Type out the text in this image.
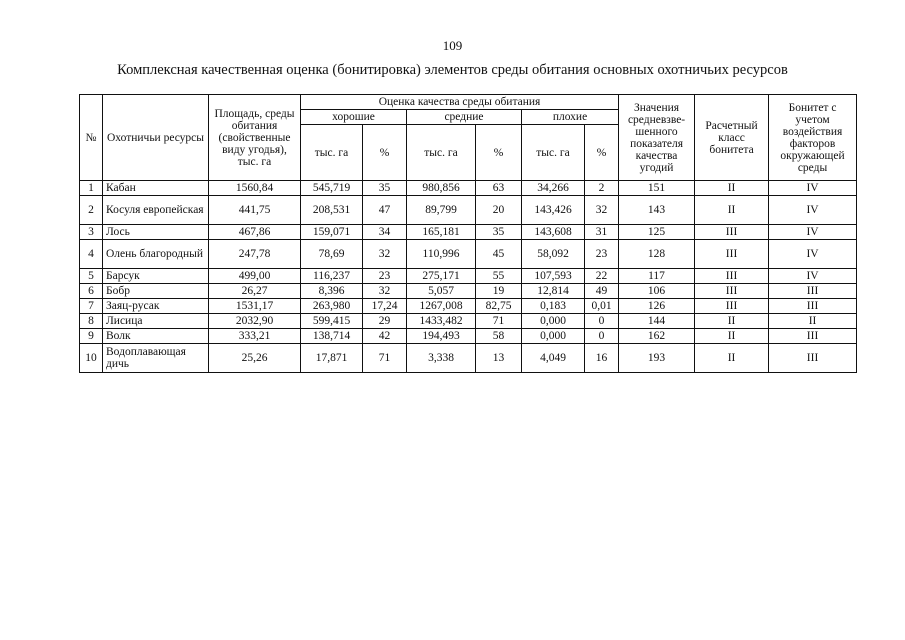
109
Комплексная качественная оценка (бонитировка) элементов среды обитания основных охотничьих ресурсов
№	Охотничьи ресурсы	Площадь, среды обитания (свойственные виду угодья), тыс. га	Оценка качества среды обитания						Значения средневзве-шенного показателя качества угодий	Расчетный класс бонитета	Бонитет с учетом воздействия факторов окружающей среды
			хорошие		средние		плохие				
			тыс. га	%	тыс. га	%	тыс. га	%			
1	Кабан	1560,84	545,719	35	980,856	63	34,266	2	151	II	IV
2	Косуля европейская	441,75	208,531	47	89,799	20	143,426	32	143	II	IV
3	Лось	467,86	159,071	34	165,181	35	143,608	31	125	III	IV
4	Олень благородный	247,78	78,69	32	110,996	45	58,092	23	128	III	IV
5	Барсук	499,00	116,237	23	275,171	55	107,593	22	117	III	IV
6	Бобр	26,27	8,396	32	5,057	19	12,814	49	106	III	III
7	Заяц-русак	1531,17	263,980	17,24	1267,008	82,75	0,183	0,01	126	III	III
8	Лисица	2032,90	599,415	29	1433,482	71	0,000	0	144	II	II
9	Волк	333,21	138,714	42	194,493	58	0,000	0	162	II	III
10	Водоплавающая дичь	25,26	17,871	71	3,338	13	4,049	16	193	II	III
